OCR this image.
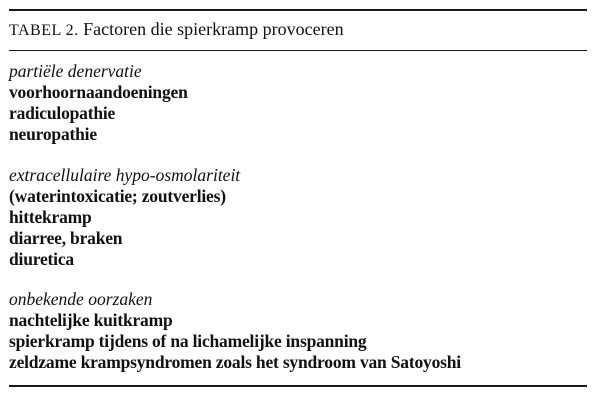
TABEL 2. Factoren die spierkramp provoceren
partiële denervatie
voorhoornaandoeningen
radiculopathie
neuropathie
extracellulaire hypo-osmolariteit
(waterintoxicatie; zoutverlies)
hittekramp
diarree, braken
diuretica
onbekende oorzaken
nachtelijke kuitkramp
spierkramp tijdens of na lichamelijke inspanning
zeldzame krampsyndromen zoals het syndroom van Satoyoshi
